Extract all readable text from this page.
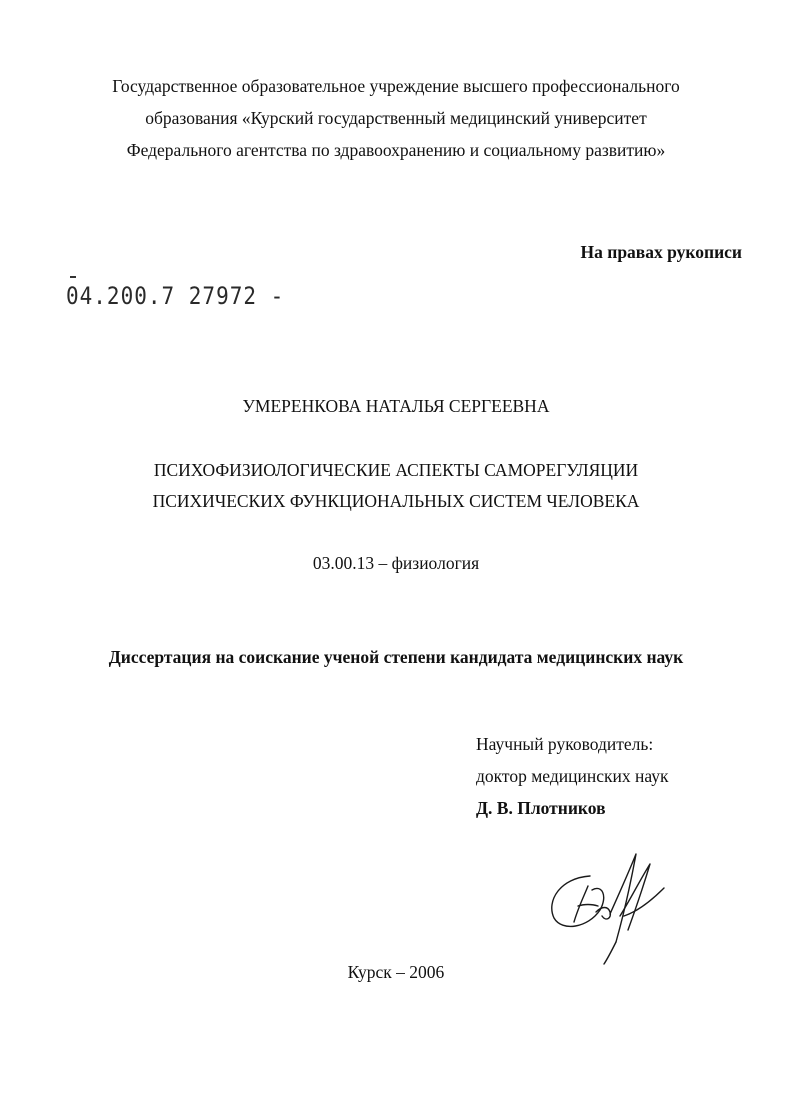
Государственное образовательное учреждение высшего профессионального
образования «Курский государственный медицинский университет
Федерального агентства по здравоохранению и социальному развитию»
На правах рукописи
04.200.7 27972 -
УМЕРЕНКОВА НАТАЛЬЯ СЕРГЕЕВНА
ПСИХОФИЗИОЛОГИЧЕСКИЕ АСПЕКТЫ САМОРЕГУЛЯЦИИ
ПСИХИЧЕСКИХ ФУНКЦИОНАЛЬНЫХ СИСТЕМ ЧЕЛОВЕКА
03.00.13 – физиология
Диссертация на соискание ученой степени кандидата медицинских наук
Научный руководитель:
доктор медицинских наук
Д. В. Плотников
Курск – 2006
